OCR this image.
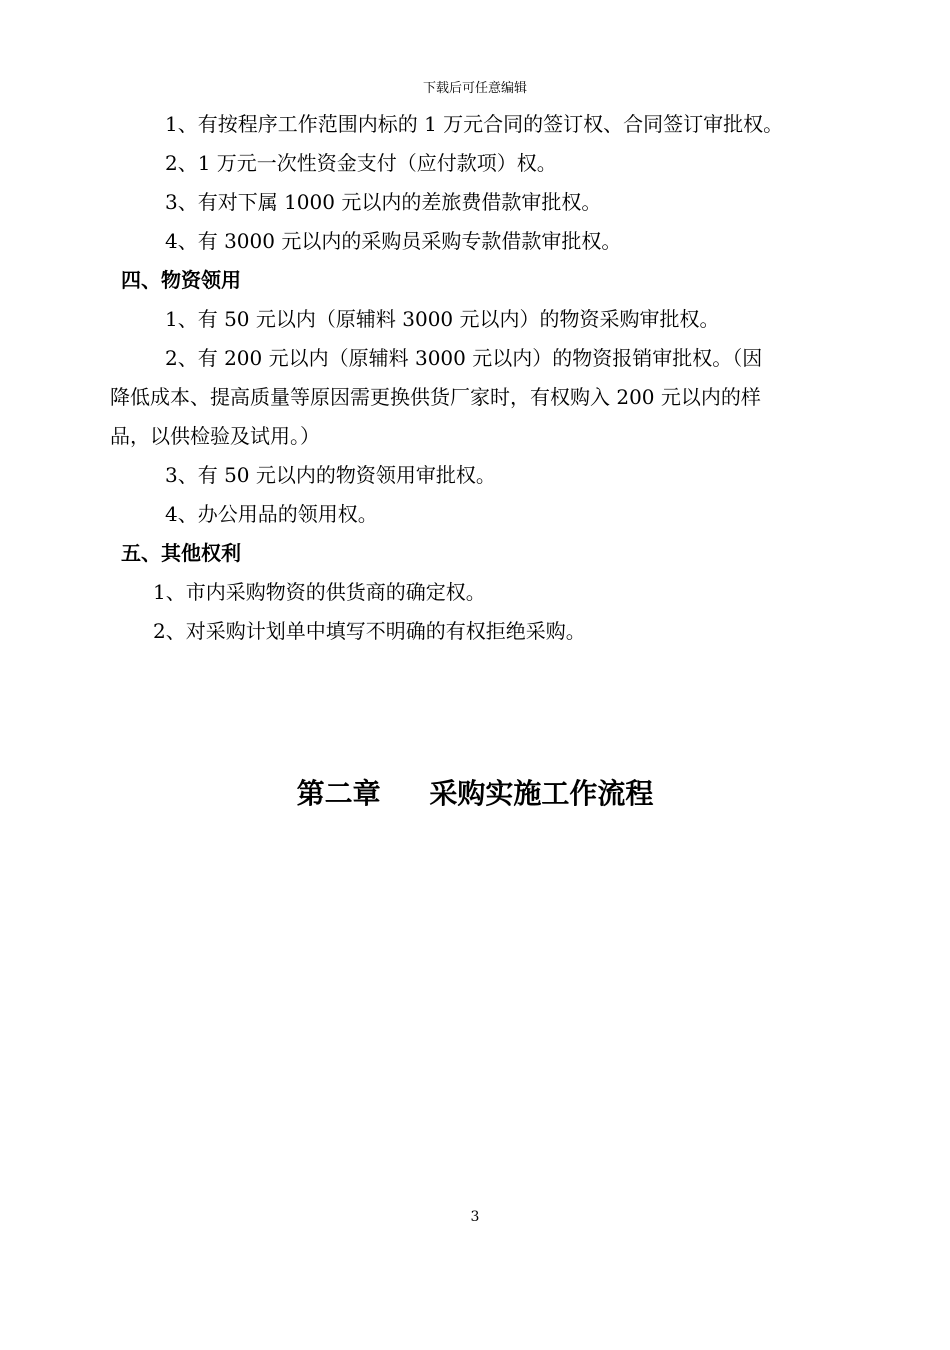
下载后可任意编辑
1、有按程序工作范围内标的 1 万元合同的签订权、合同签订审批权。
2、1 万元一次性资金支付（应付款项）权。
3、有对下属 1000 元以内的差旅费借款审批权。
4、有 3000 元以内的采购员采购专款借款审批权。
四、物资领用
1、有 50 元以内（原辅料 3000 元以内）的物资采购审批权。
2、有 200 元以内（原辅料 3000 元以内）的物资报销审批权。（因
降低成本、提高质量等原因需更换供货厂家时，有权购入 200 元以内的样
品，以供检验及试用。）
3、有 50 元以内的物资领用审批权。
4、办公用品的领用权。
五、其他权利
1、市内采购物资的供货商的确定权。
2、对采购计划单中填写不明确的有权拒绝采购。
第二章     采购实施工作流程
3
